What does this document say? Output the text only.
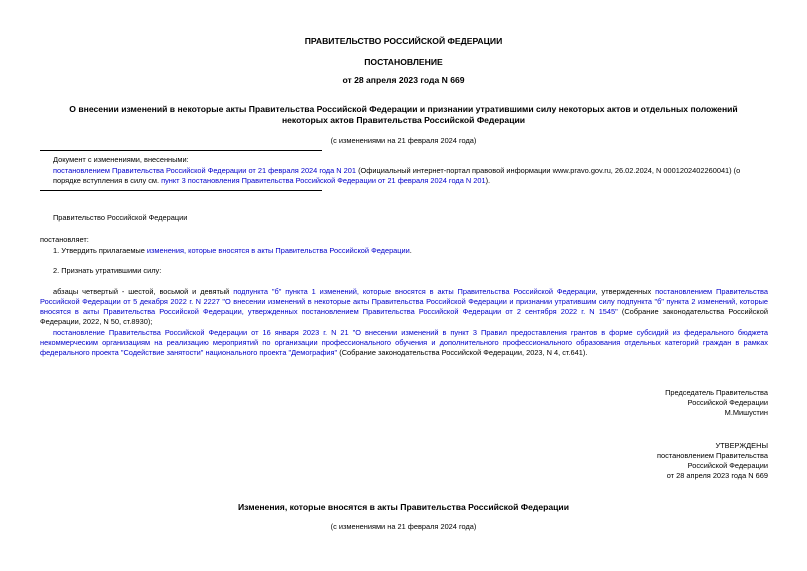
ПРАВИТЕЛЬСТВО РОССИЙСКОЙ ФЕДЕРАЦИИ
ПОСТАНОВЛЕНИЕ
от 28 апреля 2023 года N 669
О внесении изменений в некоторые акты Правительства Российской Федерации и признании утратившими силу некоторых актов и отдельных положений некоторых актов Правительства Российской Федерации
(с изменениями на 21 февраля 2024 года)
Документ с изменениями, внесенными:
постановлением Правительства Российской Федерации от 21 февраля 2024 года N 201 (Официальный интернет-портал правовой информации www.pravo.gov.ru, 26.02.2024, N 0001202402260041) (о порядке вступления в силу см. пункт 3 постановления Правительства Российской Федерации от 21 февраля 2024 года N 201).
Правительство Российской Федерации
постановляет:
1. Утвердить прилагаемые изменения, которые вносятся в акты Правительства Российской Федерации.
2. Признать утратившими силу:
абзацы четвертый - шестой, восьмой и девятый подпункта "б" пункта 1 изменений, которые вносятся в акты Правительства Российской Федерации, утвержденных постановлением Правительства Российской Федерации от 5 декабря 2022 г. N 2227 "О внесении изменений в некоторые акты Правительства Российской Федерации и признании утратившим силу подпункта "б" пункта 2 изменений, которые вносятся в акты Правительства Российской Федерации, утвержденных постановлением Правительства Российской Федерации от 2 сентября 2022 г. N 1545" (Собрание законодательства Российской Федерации, 2022, N 50, ст.8930);
постановление Правительства Российской Федерации от 16 января 2023 г. N 21 "О внесении изменений в пункт 3 Правил предоставления грантов в форме субсидий из федерального бюджета некоммерческим организациям на реализацию мероприятий по организации профессионального обучения и дополнительного профессионального образования отдельных категорий граждан в рамках федерального проекта "Содействие занятости" национального проекта "Демография" (Собрание законодательства Российской Федерации, 2023, N 4, ст.641).

Председатель Правительства

Российской Федерации

М.Мишустин

УТВЕРЖДЕНЫ

постановлением Правительства

Российской Федерации

от 28 апреля 2023 года N 669

Изменения, которые вносятся в акты Правительства Российской Федерации
(с изменениями на 21 февраля 2024 года)
